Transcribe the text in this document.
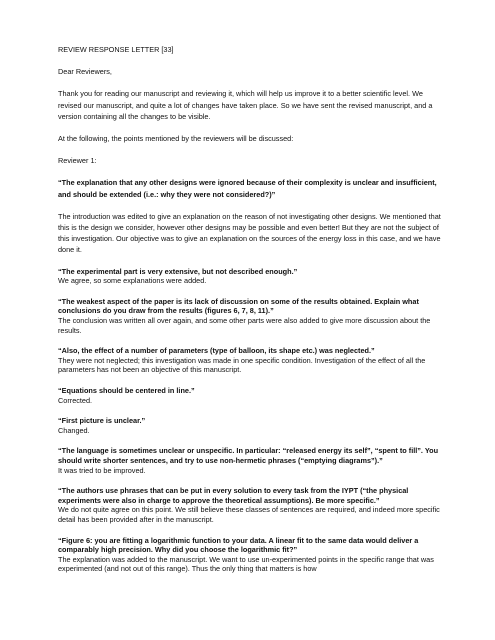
REVIEW RESPONSE LETTER [33]

Dear Reviewers,

Thank you for reading our manuscript and reviewing it, which will help us improve it to a better scientific level. We revised our manuscript, and quite a lot of changes have taken place. So we have sent the revised manuscript, and a version containing all the changes to be visible.

At the following, the points mentioned by the reviewers will be discussed:

Reviewer 1:

“The explanation that any other designs were ignored because of their complexity is unclear and insufficient, and should be extended (i.e.: why they were not considered?)”

The introduction was edited to give an explanation on the reason of not investigating other designs. We mentioned that this is the design we consider, however other designs may be possible and even better! But they are not the subject of this investigation. Our objective was to give an explanation on the sources of the energy loss in this case, and we have done it.

“The experimental part is very extensive, but not described enough.”

We agree, so some explanations were added.

“The weakest aspect of the paper is its lack of discussion on some of the results obtained. Explain what conclusions do you draw from the results (figures 6, 7, 8, 11).”

The conclusion was written all over again, and some other parts were also added to give more discussion about the results.

“Also, the effect of a number of parameters (type of balloon, its shape etc.) was neglected.”

They were not neglected; this investigation was made in one specific condition. Investigation of the effect of all the parameters has not been an objective of this manuscript.

“Equations should be centered in line.”

Corrected.

“First picture is unclear.”

Changed.

“The language is sometimes unclear or unspecific. In particular: “released energy its self”, “spent to fill”. You should write shorter sentences, and try to use non-hermetic phrases (“emptying diagrams”).”

It was tried to be improved.

“The authors use phrases that can be put in every solution to every task from the IYPT (“the physical experiments were also in charge to approve the theoretical assumptions). Be more specific.”

We do not quite agree on this point. We still believe these classes of sentences are required, and indeed more specific detail has been provided after in the manuscript.

“Figure 6: you are fitting a logarithmic function to your data. A linear fit to the same data would deliver a comparably high precision. Why did you choose the logarithmic fit?”

The explanation was added to the manuscript. We want to use un-experimented points in the specific range that was experimented (and not out of this range). Thus the only thing that matters is how
